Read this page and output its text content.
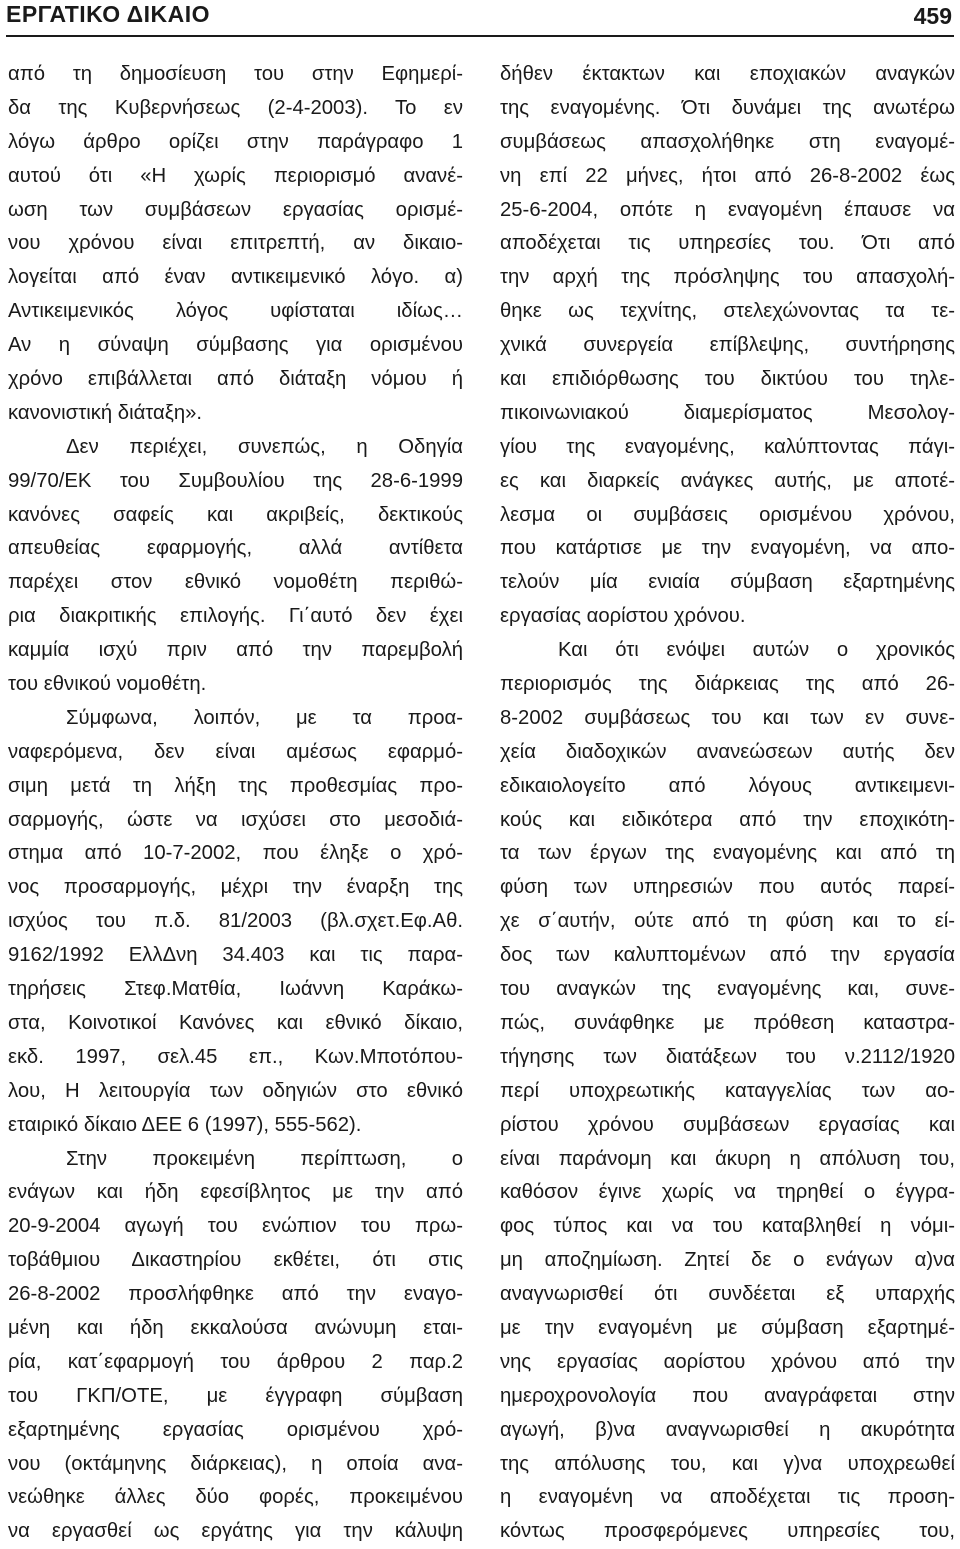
ΕΡΓΑΤΙΚΟ ΔΙΚΑΙΟ	459
από τη δημοσίευση του στην Εφημερί-
δα της Κυβερνήσεως (2-4-2003). Το εν
λόγω άρθρο ορίζει στην παράγραφο 1
αυτού ότι «Η χωρίς περιορισμό ανανέ-
ωση των συμβάσεων εργασίας ορισμέ-
νου χρόνου είναι επιτρεπτή, αν δικαιο-
λογείται από έναν αντικειμενικό λόγο. α)
Αντικειμενικός λόγος υφίσταται ιδίως…
Αν η σύναψη σύμβασης για ορισμένου
χρόνο επιβάλλεται από διάταξη νόμου ή
κανονιστική διάταξη».
Δεν περιέχει, συνεπώς, η Οδηγία
99/70/ΕΚ του Συμβουλίου της 28-6-1999
κανόνες σαφείς και ακριβείς, δεκτικούς
απευθείας εφαρμογής, αλλά αντίθετα
παρέχει στον εθνικό νομοθέτη περιθώ-
ρια διακριτικής επιλογής. Γι΄αυτό δεν έχει
καμμία ισχύ πριν από την παρεμβολή
του εθνικού νομοθέτη.
Σύμφωνα, λοιπόν, με τα προα-
ναφερόμενα, δεν είναι αμέσως εφαρμό-
σιμη μετά τη λήξη της προθεσμίας προ-
σαρμογής, ώστε να ισχύσει στο μεσοδιά-
στημα από 10-7-2002, που έληξε ο χρό-
νος προσαρμογής, μέχρι την έναρξη της
ισχύος του π.δ. 81/2003 (βλ.σχετ.Εφ.Αθ.
9162/1992 ΕλλΔνη 34.403 και τις παρα-
τηρήσεις Στεφ.Ματθία, Ιωάννη Καράκω-
στα, Κοινοτικοί Κανόνες και εθνικό δίκαιο,
εκδ. 1997, σελ.45 επ., Κων.Μποτόπου-
λου, Η λειτουργία των οδηγιών στο εθνικό
εταιρικό δίκαιο ΔΕΕ 6 (1997), 555-562).
Στην προκειμένη περίπτωση, ο
ενάγων και ήδη εφεσίβλητος με την από
20-9-2004 αγωγή του ενώπιον του πρω-
τοβάθμιου Δικαστηρίου εκθέτει, ότι στις
26-8-2002 προσλήφθηκε από την εναγο-
μένη και ήδη εκκαλούσα ανώνυμη εται-
ρία, κατ΄εφαρμογή του άρθρου 2 παρ.2
του ΓΚΠ/ΟΤΕ, με έγγραφη σύμβαση
εξαρτημένης εργασίας ορισμένου χρό-
νου (οκτάμηνης διάρκειας), η οποία ανα-
νεώθηκε άλλες δύο φορές, προκειμένου
να εργασθεί ως εργάτης για την κάλυψη
δήθεν έκτακτων και εποχιακών αναγκών
της εναγομένης. Ότι δυνάμει της ανωτέρω
συμβάσεως απασχολήθηκε στη εναγομέ-
νη επί 22 μήνες, ήτοι από 26-8-2002 έως
25-6-2004, οπότε η εναγομένη έπαυσε να
αποδέχεται τις υπηρεσίες του. Ότι από
την αρχή της πρόσληψης του απασχολή-
θηκε ως τεχνίτης, στελεχώνοντας τα τε-
χνικά συνεργεία επίβλεψης, συντήρησης
και επιδιόρθωσης του δικτύου του τηλε-
πικοινωνιακού διαμερίσματος Μεσολογ-
γίου της εναγομένης, καλύπτοντας πάγι-
ες και διαρκείς ανάγκες αυτής, με αποτέ-
λεσμα οι συμβάσεις ορισμένου χρόνου,
που κατάρτισε με την εναγομένη, να απο-
τελούν μία ενιαία σύμβαση εξαρτημένης
εργασίας αορίστου χρόνου.
Και ότι ενόψει αυτών ο χρονικός
περιορισμός της διάρκειας της από 26-
8-2002 συμβάσεως του και των εν συνε-
χεία διαδοχικών ανανεώσεων αυτής δεν
εδικαιολογείτο από λόγους αντικειμενι-
κούς και ειδικότερα από την εποχικότη-
τα των έργων της εναγομένης και από τη
φύση των υπηρεσιών που αυτός παρεί-
χε σ΄αυτήν, ούτε από τη φύση και το εί-
δος των καλυπτομένων από την εργασία
του αναγκών της εναγομένης και, συνε-
πώς, συνάφθηκε με πρόθεση καταστρα-
τήγησης των διατάξεων του ν.2112/1920
περί υποχρεωτικής καταγγελίας των αο-
ρίστου χρόνου συμβάσεων εργασίας και
είναι παράνομη και άκυρη η απόλυση του,
καθόσον έγινε χωρίς να τηρηθεί ο έγγρα-
φος τύπος και να του καταβληθεί η νόμι-
μη αποζημίωση. Ζητεί δε ο ενάγων α)να
αναγνωρισθεί ότι συνδέεται εξ υπαρχής
με την εναγομένη με σύμβαση εξαρτημέ-
νης εργασίας αορίστου χρόνου από την
ημεροχρονολογία που αναγράφεται στην
αγωγή, β)να αναγνωρισθεί η ακυρότητα
της απόλυσης του, και γ)να υποχρεωθεί
η εναγομένη να αποδέχεται τις προση-
κόντως προσφερόμενες υπηρεσίες του,
